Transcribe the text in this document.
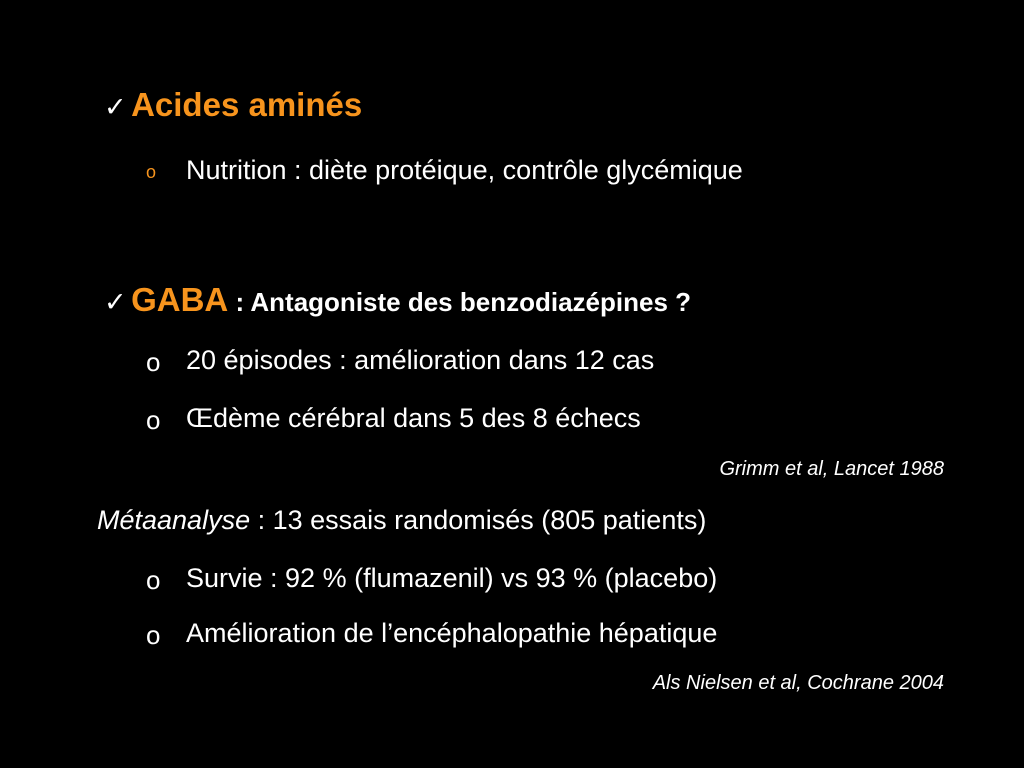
✓ Acides aminés
o Nutrition : diète protéique, contrôle glycémique
✓ GABA : Antagoniste des benzodiazépines ?
o 20 épisodes : amélioration dans 12 cas
o Œdème cérébral dans 5 des 8 échecs
Grimm et al, Lancet 1988
Métaanalyse : 13 essais randomisés (805 patients)
o Survie : 92 % (flumazenil) vs 93 % (placebo)
o Amélioration de l’encéphalopathie hépatique
Als Nielsen et al, Cochrane 2004
